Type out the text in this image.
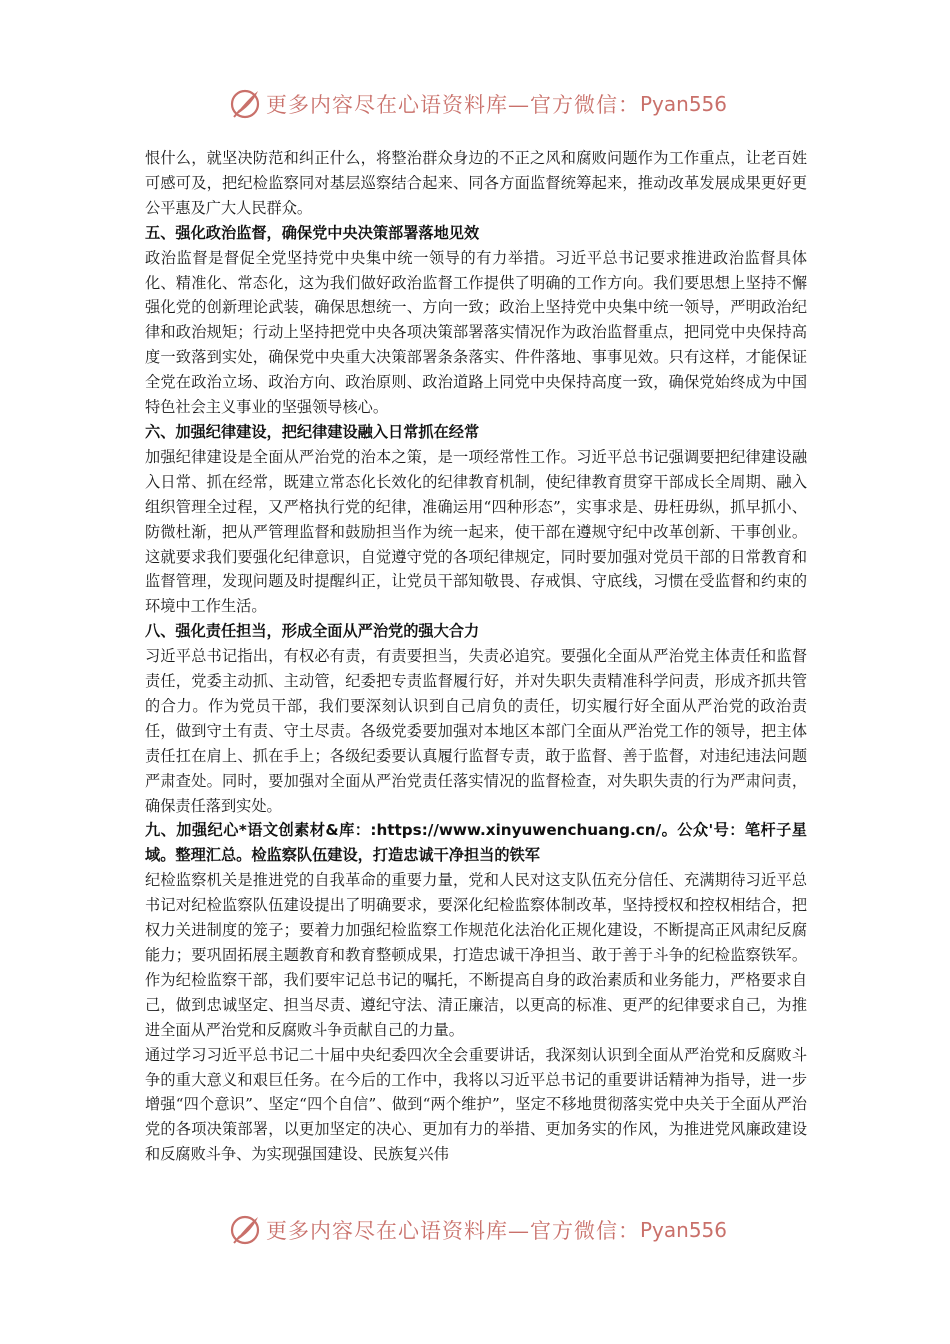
更多内容尽在心语资料库— 官方微信： Pyan556

恨什么，就坚决防范和纠正什么，将整治群众身边的不正之风和腐败问题作为工作重点，让老百姓可感可及，把纪检监察同对基层巡察结合起来、同各方面监督统筹起来，推动改革发展成果更好更公平惠及广大人民群众。

五、强化政治监督，确保党中央决策部署落地见效

政治监督是督促全党坚持党中央集中统一领导的有力举措。习近平总书记要求推进政治监督具体化、精准化、常态化，这为我们做好政治监督工作提供了明确的工作方向。我们要思想上坚持不懈强化党的创新理论武装，确保思想统一、方向一致；政治上坚持党中央集中统一领导，严明政治纪律和政治规矩；行动上坚持把党中央各项决策部署落实情况作为政治监督重点，把同党中央保持高度一致落到实处，确保党中央重大决策部署条条落实、件件落地、事事见效。只有这样，才能保证全党在政治立场、政治方向、政治原则、政治道路上同党中央保持高度一致，确保党始终成为中国特色社会主义事业的坚强领导核心。

六、加强纪律建设，把纪律建设融入日常抓在经常

加强纪律建设是全面从严治党的治本之策，是一项经常性工作。习近平总书记强调要把纪律建设融入日常、抓在经常，既建立常态化长效化的纪律教育机制，使纪律教育贯穿干部成长全周期、融入组织管理全过程，又严格执行党的纪律，准确运用“四种形态”，实事求是、毋枉毋纵，抓早抓小、防微杜渐，把从严管理监督和鼓励担当作为统一起来，使干部在遵规守纪中改革创新、干事创业。这就要求我们要强化纪律意识，自觉遵守党的各项纪律规定，同时要加强对党员干部的日常教育和监督管理，发现问题及时提醒纠正，让党员干部知敬畏、存戒惧、守底线，习惯在受监督和约束的环境中工作生活。

八、强化责任担当，形成全面从严治党的强大合力

习近平总书记指出，有权必有责，有责要担当，失责必追究。要强化全面从严治党主体责任和监督责任，党委主动抓、主动管，纪委把专责监督履行好，并对失职失责精准科学问责，形成齐抓共管的合力。作为党员干部，我们要深刻认识到自己肩负的责任，切实履行好全面从严治党的政治责任，做到守土有责、守土尽责。各级党委要加强对本地区本部门全面从严治党工作的领导，把主体责任扛在肩上、抓在手上；各级纪委要认真履行监督专责，敢于监督、善于监督，对违纪违法问题严肃查处。同时，要加强对全面从严治党责任落实情况的监督检查，对失职失责的行为严肃问责，确保责任落到实处。

九、加强纪心*语文创素材&库：:https://www.xinyuwenchuang.cn/。公众'号：笔杆子星域。整理汇总。检监察队伍建设，打造忠诚干净担当的铁军

纪检监察机关是推进党的自我革命的重要力量，党和人民对这支队伍充分信任、充满期待习近平总书记对纪检监察队伍建设提出了明确要求，要深化纪检监察体制改革，坚持授权和控权相结合，把权力关进制度的笼子；要着力加强纪检监察工作规范化法治化正规化建设，不断提高正风肃纪反腐能力；要巩固拓展主题教育和教育整顿成果，打造忠诚干净担当、敢于善于斗争的纪检监察铁军。作为纪检监察干部，我们要牢记总书记的嘱托，不断提高自身的政治素质和业务能力，严格要求自己，做到忠诚坚定、担当尽责、遵纪守法、清正廉洁，以更高的标准、更严的纪律要求自己，为推进全面从严治党和反腐败斗争贡献自己的力量。

通过学习习近平总书记二十届中央纪委四次全会重要讲话，我深刻认识到全面从严治党和反腐败斗争的重大意义和艰巨任务。在今后的工作中，我将以习近平总书记的重要讲话精神为指导，进一步增强“四个意识”、坚定“四个自信”、做到“两个维护”，坚定不移地贯彻落实党中央关于全面从严治党的各项决策部署，以更加坚定的决心、更加有力的举措、更加务实的作风，为推进党风廉政建设和反腐败斗争、为实现强国建设、民族复兴伟

更多内容尽在心语资料库— 官方微信： Pyan556
